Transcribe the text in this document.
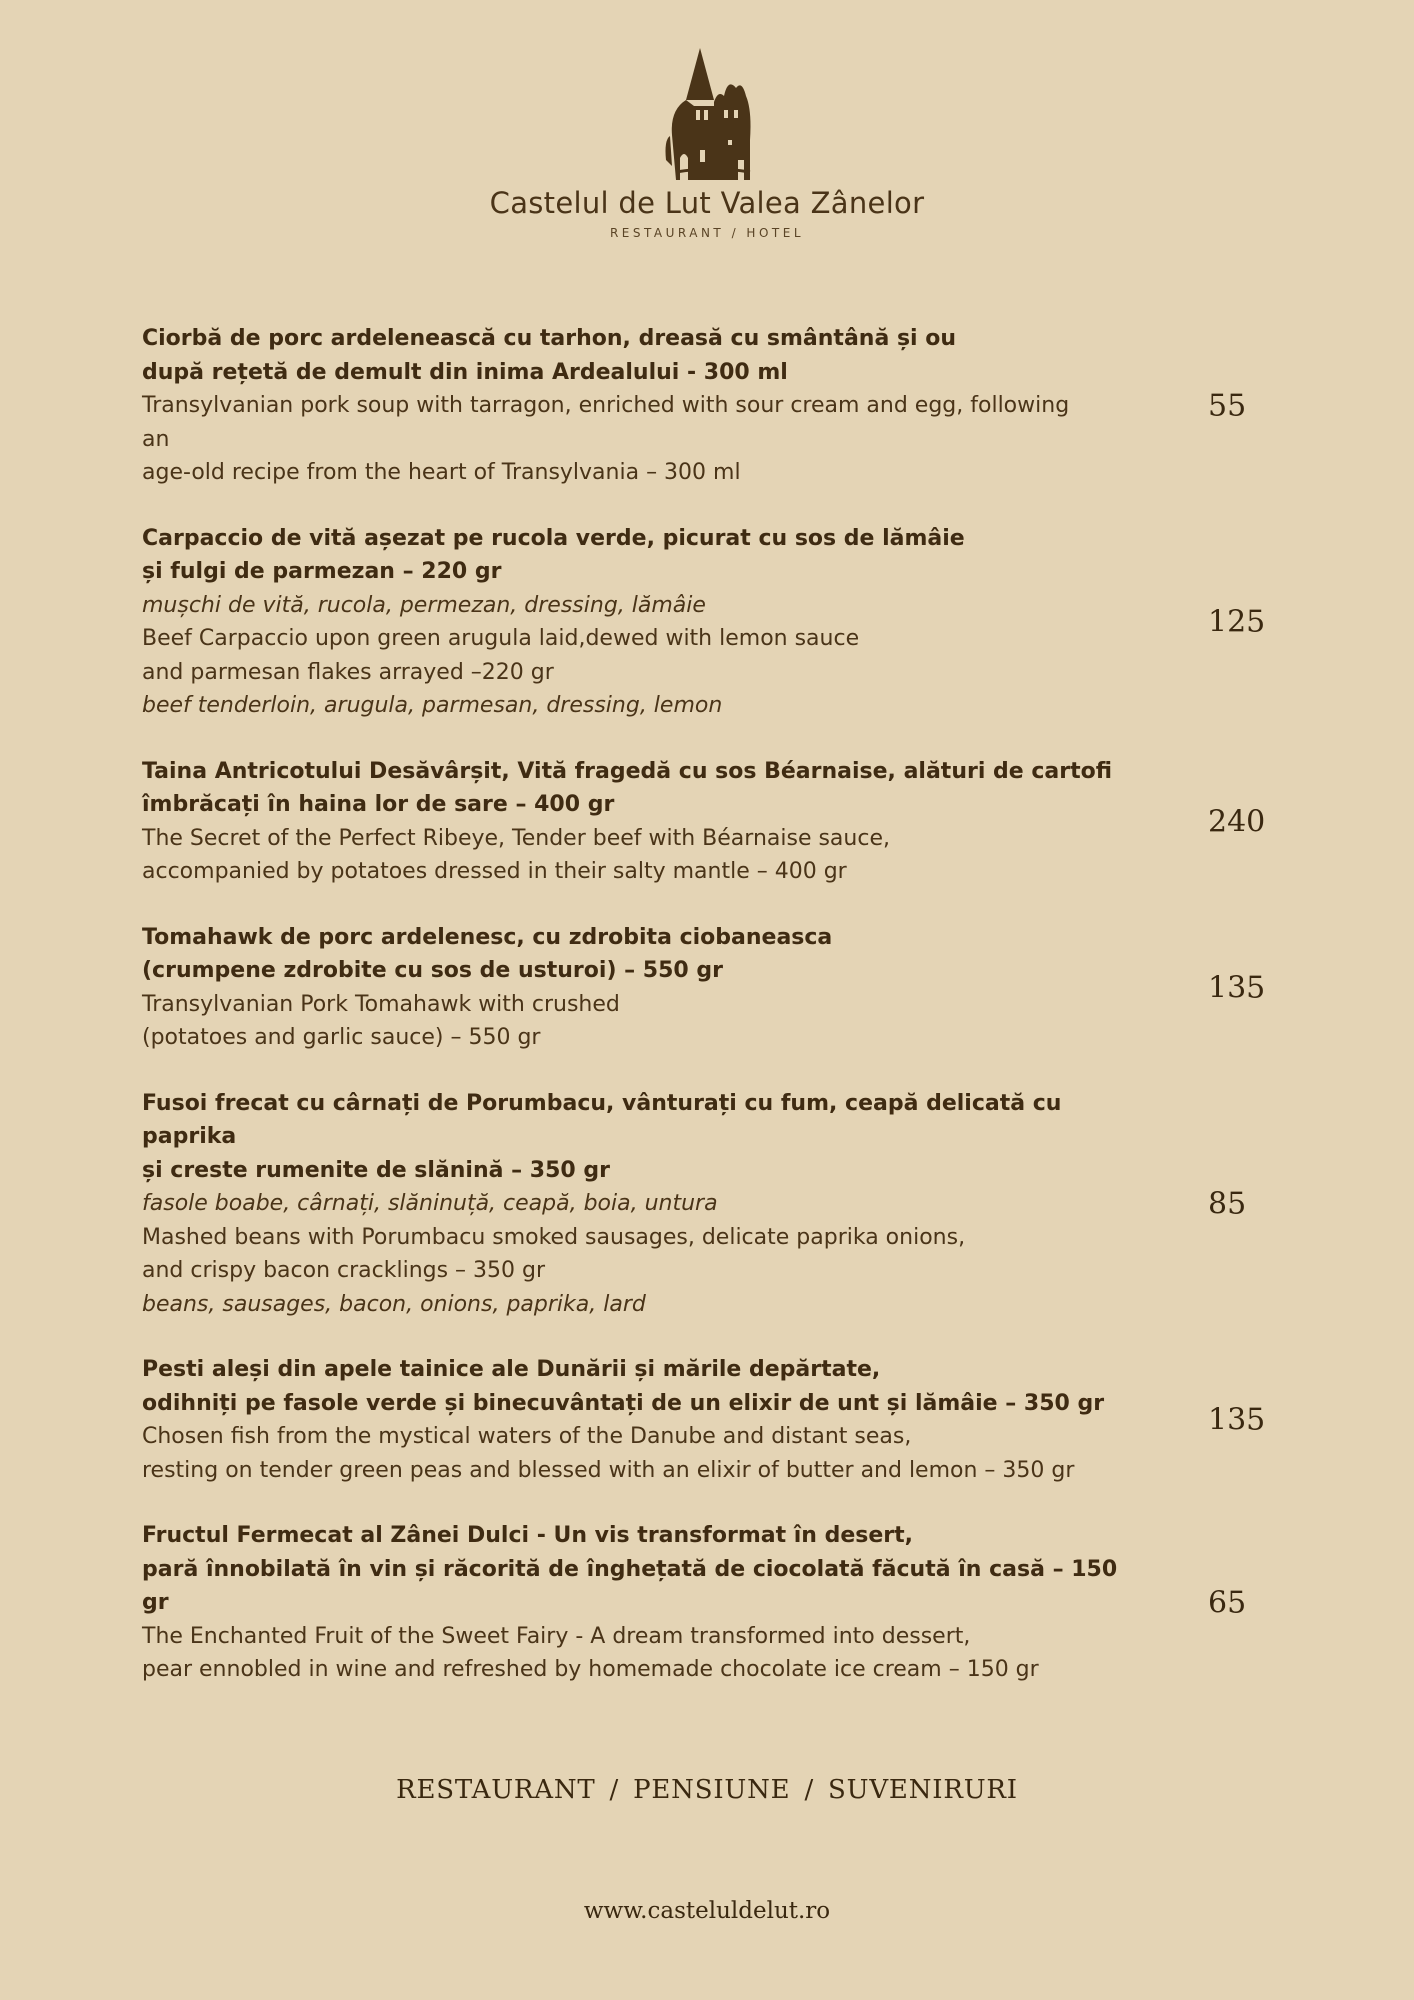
Castelul de Lut Valea Zânelor
RESTAURANT / HOTEL
Ciorbă de porc ardelenească cu tarhon, dreasă cu smântână și ou
după rețetă de demult din inima Ardealului - 300 ml
Transylvanian pork soup with tarragon, enriched with sour cream and egg, following
an
age-old recipe from the heart of Transylvania – 300 ml
55
Carpaccio de vită așezat pe rucola verde, picurat cu sos de lămâie
și fulgi de parmezan – 220 gr
mușchi de vită, rucola, permezan, dressing, lămâie
Beef Carpaccio upon green arugula laid,dewed with lemon sauce
and parmesan flakes arrayed –220 gr
beef tenderloin, arugula, parmesan, dressing, lemon
125
Taina Antricotului Desăvârșit, Vită fragedă cu sos Béarnaise, alături de cartofi
îmbrăcați în haina lor de sare – 400 gr
The Secret of the Perfect Ribeye, Tender beef with Béarnaise sauce,
accompanied by potatoes dressed in their salty mantle – 400 gr
240
Tomahawk de porc ardelenesc, cu zdrobita ciobaneasca
(crumpene zdrobite cu sos de usturoi) – 550 gr
Transylvanian Pork Tomahawk with crushed
(potatoes and garlic sauce) – 550 gr
135
Fusoi frecat cu cârnați de Porumbacu, vânturați cu fum, ceapă delicată cu paprika
și creste rumenite de slănină – 350 gr
fasole boabe, cârnați, slăninuță, ceapă, boia, untura
Mashed beans with Porumbacu smoked sausages, delicate paprika onions,
and crispy bacon cracklings – 350 gr
beans, sausages, bacon, onions, paprika, lard
85
Pesti aleși din apele tainice ale Dunării și mările depărtate,
odihniți pe fasole verde și binecuvântați de un elixir de unt și lămâie – 350 gr
Chosen fish from the mystical waters of the Danube and distant seas,
resting on tender green peas and blessed with an elixir of butter and lemon – 350 gr
135
Fructul Fermecat al Zânei Dulci - Un vis transformat în desert,
pară înnobilată în vin și răcorită de înghețată de ciocolată făcută în casă – 150 gr
The Enchanted Fruit of the Sweet Fairy - A dream transformed into dessert,
pear ennobled in wine and refreshed by homemade chocolate ice cream – 150 gr
65
RESTAURANT / PENSIUNE / SUVENIRURI
www.casteluldelut.ro
